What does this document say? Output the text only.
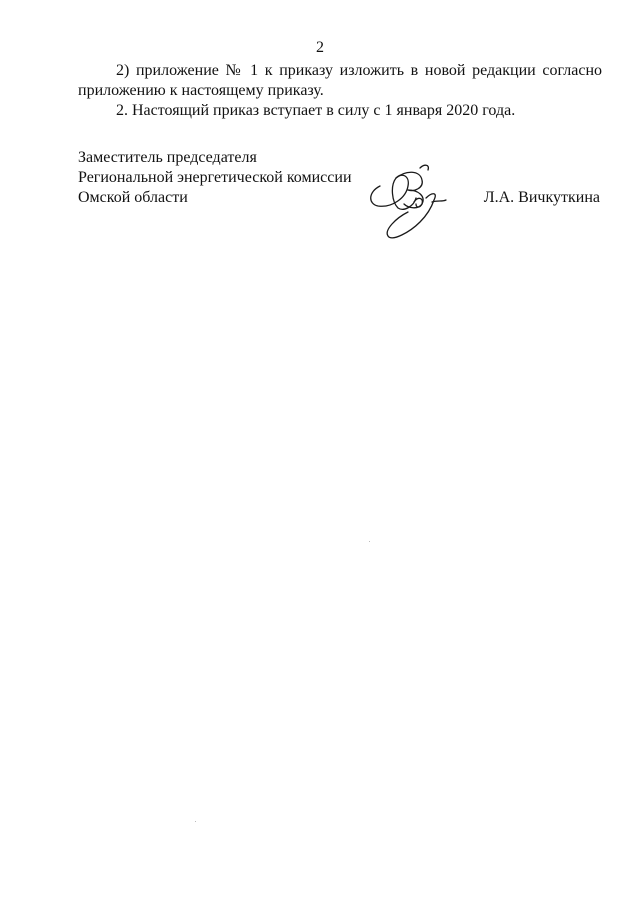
2

2) приложение № 1 к приказу изложить в новой редакции согласно приложению к настоящему приказу.

2. Настоящий приказ вступает в силу с 1 января 2020 года.

Заместитель председателя
Региональной энергетической комиссии
Омской области	Л.А. Вичкуткина
